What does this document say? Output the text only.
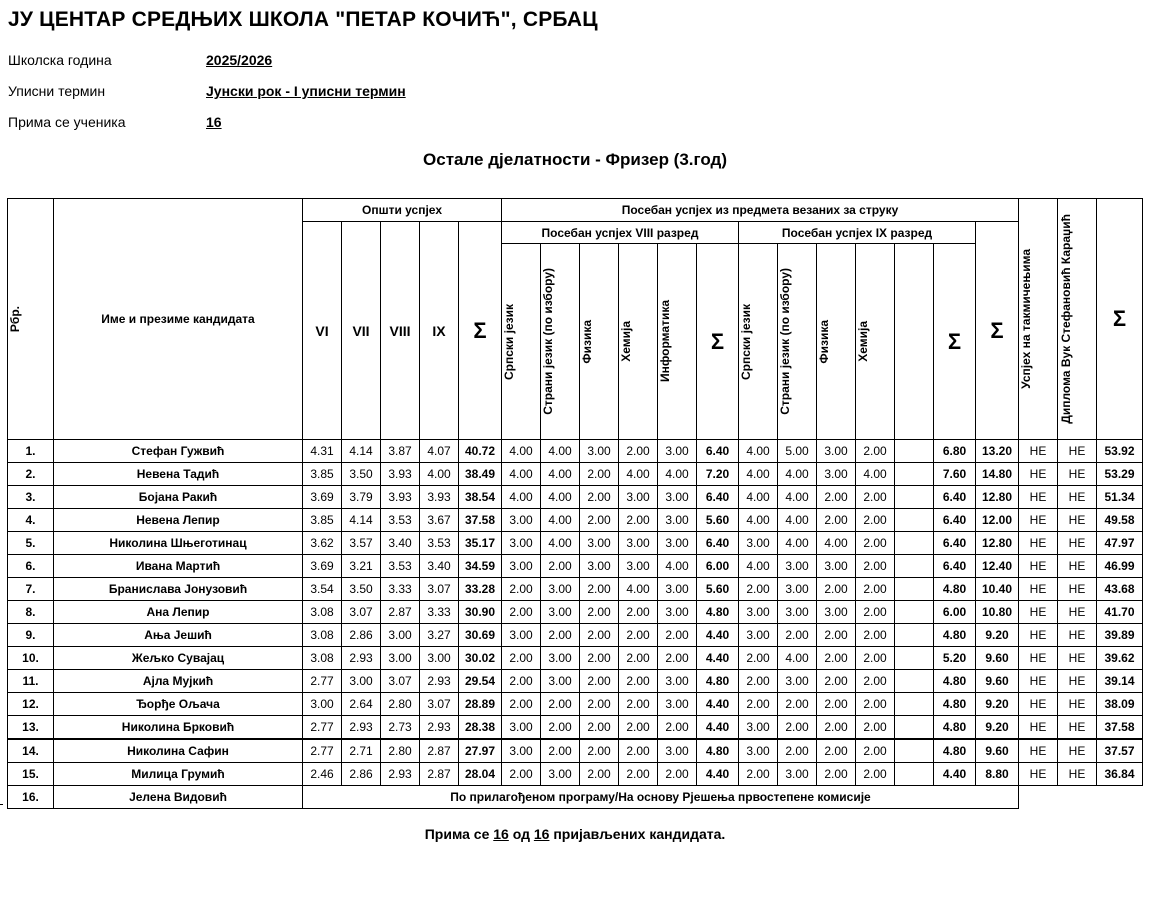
ЈУ ЦЕНТАР СРЕДЊИХ ШКОЛА "ПЕТАР КОЧИЋ", СРБАЦ
Школска година	2025/2026
Уписни термин	Јунски рок - I уписни термин
Прима се ученика	16
Остале дјелатности - Фризер (3.год)
Рбр.	Име и презиме кандидата	Општи успјех					Посебан успјех из предмета везаних за струку													Успјех на такмичењима	Диплома Вук Стефановић Караџић	Σ
		VI	VII	VIII	IX	Σ	Посебан успјех VIII разред						Посебан успјех IX разред						Σ			

							Српски језик	Страни језик (по избору)	Физика	Хемија	Информатика	Σ	Српски језик	Страни језик (по избору)	Физика	Хемија		Σ				
1.	Стефан Гужвић	4.31	4.14	3.87	4.07	40.72	4.00	4.00	3.00	2.00	3.00	6.40	4.00	5.00	3.00	2.00		6.80	13.20	НЕ	НЕ	53.92
2.	Невена Тадић	3.85	3.50	3.93	4.00	38.49	4.00	4.00	2.00	4.00	4.00	7.20	4.00	4.00	3.00	4.00		7.60	14.80	НЕ	НЕ	53.29
3.	Бојана Ракић	3.69	3.79	3.93	3.93	38.54	4.00	4.00	2.00	3.00	3.00	6.40	4.00	4.00	2.00	2.00		6.40	12.80	НЕ	НЕ	51.34
4.	Невена Лепир	3.85	4.14	3.53	3.67	37.58	3.00	4.00	2.00	2.00	3.00	5.60	4.00	4.00	2.00	2.00		6.40	12.00	НЕ	НЕ	49.58
5.	Николина Шњеготинац	3.62	3.57	3.40	3.53	35.17	3.00	4.00	3.00	3.00	3.00	6.40	3.00	4.00	4.00	2.00		6.40	12.80	НЕ	НЕ	47.97
6.	Ивана Мартић	3.69	3.21	3.53	3.40	34.59	3.00	2.00	3.00	3.00	4.00	6.00	4.00	3.00	3.00	2.00		6.40	12.40	НЕ	НЕ	46.99
7.	Бранислава Јонузовић	3.54	3.50	3.33	3.07	33.28	2.00	3.00	2.00	4.00	3.00	5.60	2.00	3.00	2.00	2.00		4.80	10.40	НЕ	НЕ	43.68
8.	Ана Лепир	3.08	3.07	2.87	3.33	30.90	2.00	3.00	2.00	2.00	3.00	4.80	3.00	3.00	3.00	2.00		6.00	10.80	НЕ	НЕ	41.70
9.	Ања Јешић	3.08	2.86	3.00	3.27	30.69	3.00	2.00	2.00	2.00	2.00	4.40	3.00	2.00	2.00	2.00		4.80	9.20	НЕ	НЕ	39.89
10.	Жељко Суваjац	3.08	2.93	3.00	3.00	30.02	2.00	3.00	2.00	2.00	2.00	4.40	2.00	4.00	2.00	2.00		5.20	9.60	НЕ	НЕ	39.62
11.	Ајла Мујкић	2.77	3.00	3.07	2.93	29.54	2.00	3.00	2.00	2.00	3.00	4.80	2.00	3.00	2.00	2.00		4.80	9.60	НЕ	НЕ	39.14
12.	Ђорђе Ољача	3.00	2.64	2.80	3.07	28.89	2.00	2.00	2.00	2.00	3.00	4.40	2.00	2.00	2.00	2.00		4.80	9.20	НЕ	НЕ	38.09
13.	Николина Брковић	2.77	2.93	2.73	2.93	28.38	3.00	2.00	2.00	2.00	2.00	4.40	3.00	2.00	2.00	2.00		4.80	9.20	НЕ	НЕ	37.58
14.	Николина Сафин	2.77	2.71	2.80	2.87	27.97	3.00	2.00	2.00	2.00	3.00	4.80	3.00	2.00	2.00	2.00		4.80	9.60	НЕ	НЕ	37.57
15.	Милица Грумић	2.46	2.86	2.93	2.87	28.04	2.00	3.00	2.00	2.00	2.00	4.40	2.00	3.00	2.00	2.00		4.40	8.80	НЕ	НЕ	36.84
16.	Јелена Видовић	По прилагођеном програму/На основу Рјешења првостепене комисије																				
Прима се 16 од 16 пријављених кандидата.
